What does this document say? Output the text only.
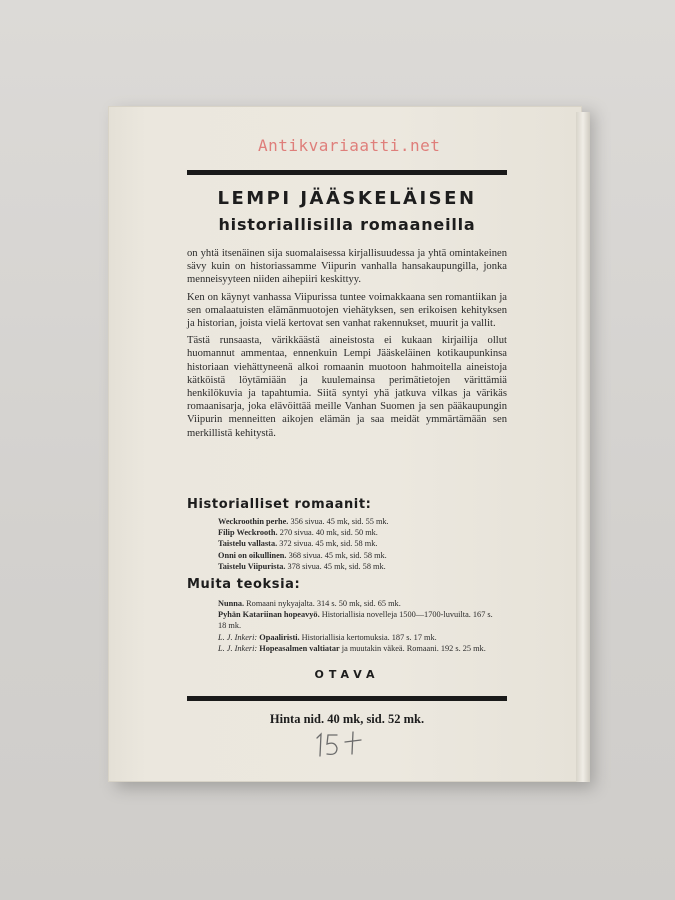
Antikvariaatti.net
LEMPI JÄÄSKELÄISEN
historiallisilla romaaneilla

on yhtä itsenäinen sija suomalaisessa kirjallisuudessa ja yhtä omintakeinen sävy kuin on historiassamme Viipurin vanhalla hansakaupungilla, jonka menneisyyteen niiden aihepiiri keskittyy.

Ken on käynyt vanhassa Viipurissa tuntee voimakkaana sen romantiikan ja sen omalaatuisten elämänmuotojen viehätyksen, sen erikoisen kehityksen ja historian, joista vielä kertovat sen vanhat rakennukset, muurit ja vallit.

Tästä runsaasta, värikkäästä aineistosta ei kukaan kirjailija ollut huomannut ammentaa, ennenkuin Lempi Jääskeläinen kotikaupunkinsa historiaan viehättyneenä alkoi romaanin muotoon hahmoitella aineistoja kätköistä löytämiään ja kuulemainsa perimätietojen värittämiä henkilökuvia ja tapahtumia. Siitä syntyi yhä jatkuva vilkas ja värikäs romaanisarja, joka elävöittää meille Vanhan Suomen ja sen pääkaupungin Viipurin menneitten aikojen elämän ja saa meidät ymmärtämään sen merkillistä kehitystä.

Historialliset romaanit:
Weckroothin perhe. 356 sivua. 45 mk, sid. 55 mk.
Filip Weckrooth. 270 sivua. 40 mk, sid. 50 mk.
Taistelu vallasta. 372 sivua. 45 mk, sid. 58 mk.
Onni on oikullinen. 368 sivua. 45 mk, sid. 58 mk.
Taistelu Viipurista. 378 sivua. 45 mk, sid. 58 mk.
Muita teoksia:
Nunna. Romaani nykyajalta. 314 s. 50 mk, sid. 65 mk.
Pyhän Katariinan hopeavyö. Historiallisia novelleja 1500—1700-luvuilta. 167 s. 18 mk.
L. J. Inkeri: Opaaliristi. Historiallisia kertomuksia. 187 s. 17 mk.
L. J. Inkeri: Hopeasalmen valtiatar ja muutakin väkeä. Romaani. 192 s. 25 mk.
OTAVA
Hinta nid. 40 mk, sid. 52 mk.
